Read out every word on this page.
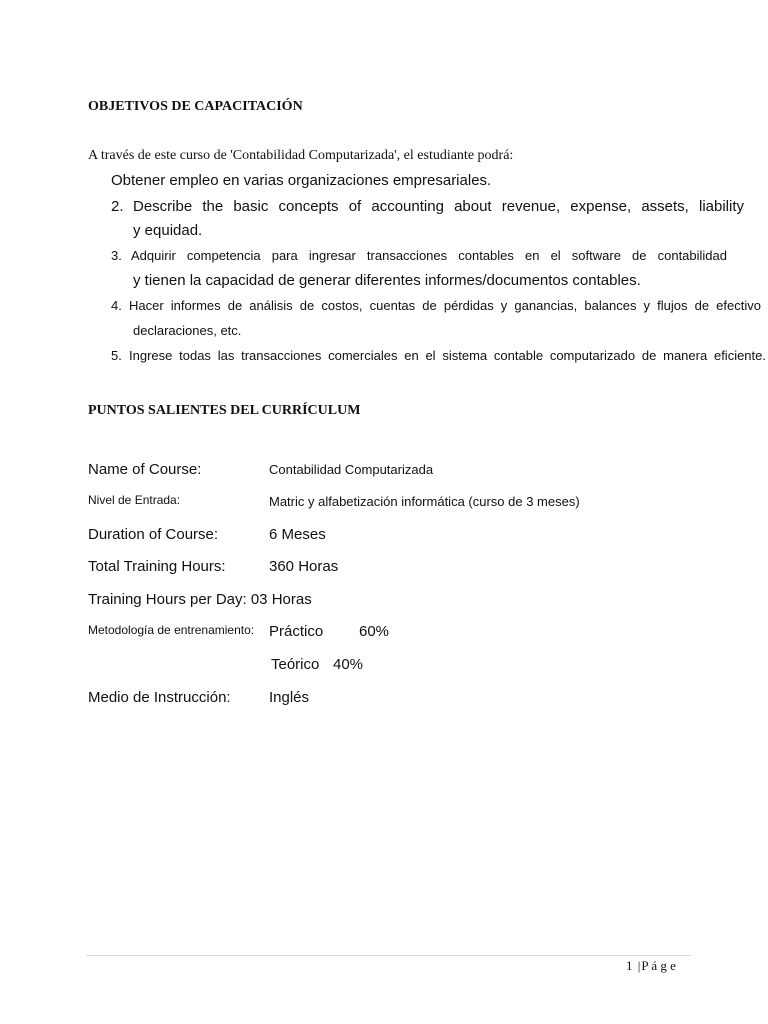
OBJETIVOS DE CAPACITACIÓN
A través de este curso de 'Contabilidad Computarizada', el estudiante podrá:
Obtener empleo en varias organizaciones empresariales.
2. Describe the basic concepts of accounting about revenue, expense, assets, liability
y equidad.
3. Adquirir competencia para ingresar transacciones contables en el software de contabilidad
y tienen la capacidad de generar diferentes informes/documentos contables.
4. Hacer informes de análisis de costos, cuentas de pérdidas y ganancias, balances y flujos de efectivo
declaraciones, etc.
5. Ingrese todas las transacciones comerciales en el sistema contable computarizado de manera eficiente.
PUNTOS SALIENTES DEL CURRÍCULUM
Name of Course:	Contabilidad Computarizada
Nivel de Entrada:	Matric y alfabetización informática (curso de 3 meses)
Duration of Course:	6 Meses
Total Training Hours:	360 Horas
Training Hours per Day: 03 Horas
Metodología de entrenamiento: Práctico 60%
Teórico 40%
Medio de Instrucción:	Inglés
1 |P á g e
